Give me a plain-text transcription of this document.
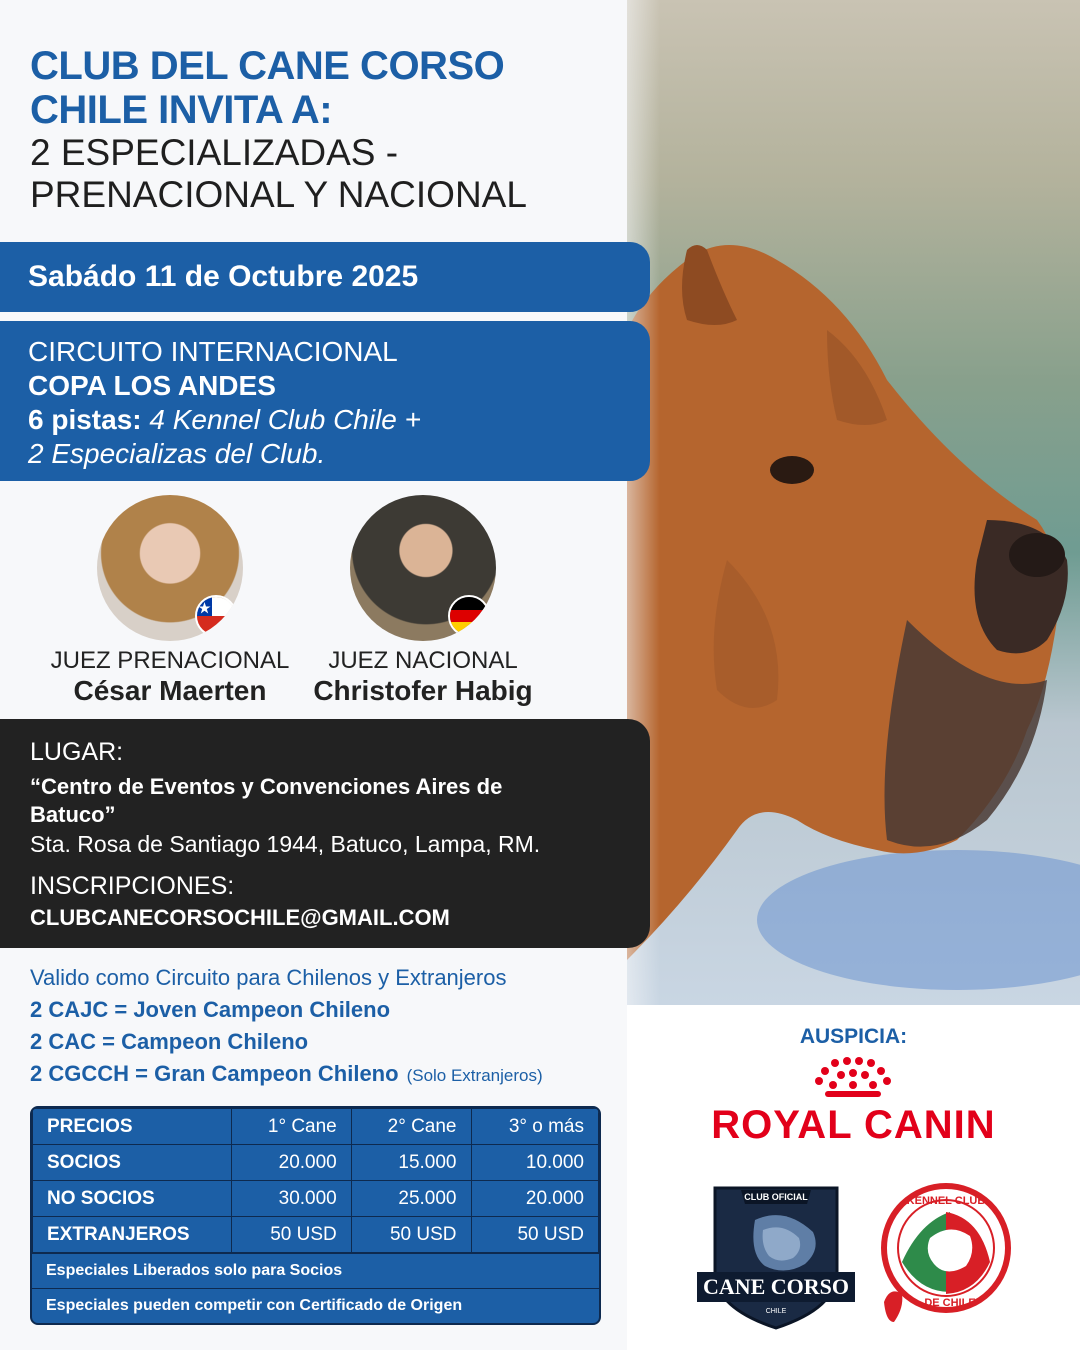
CLUB DEL CANE CORSO
CHILE INVITA A:
2 ESPECIALIZADAS -
PRENACIONAL Y NACIONAL
Sabádo 11 de Octubre 2025
CIRCUITO INTERNACIONAL
COPA LOS ANDES
6 pistas: 4 Kennel Club Chile +
2 Especializas del Club.
JUEZ PRENACIONAL
César Maerten
JUEZ NACIONAL
Christofer Habig
LUGAR:
“Centro de Eventos y Convenciones Aires de Batuco”
Sta. Rosa de Santiago 1944, Batuco, Lampa, RM.
INSCRIPCIONES:
CLUBCANECORSOCHILE@GMAIL.COM
Valido como Circuito para Chilenos y Extranjeros
2 CAJC = Joven Campeon Chileno
2 CAC = Campeon Chileno
2 CGCCH = Gran Campeon Chileno (Solo Extranjeros)
PRECIOS	1° Cane	2° Cane	3° o más
SOCIOS	20.000	15.000	10.000
NO SOCIOS	30.000	25.000	20.000
EXTRANJEROS	50 USD	50 USD	50 USD
Especiales Liberados solo para Socios
Especiales pueden competir con Certificado de Origen
AUSPICIA:
ROYAL CANIN
CLUB OFICIAL
CANE CORSO
CHILE
KENNEL CLUB
DE CHILE
